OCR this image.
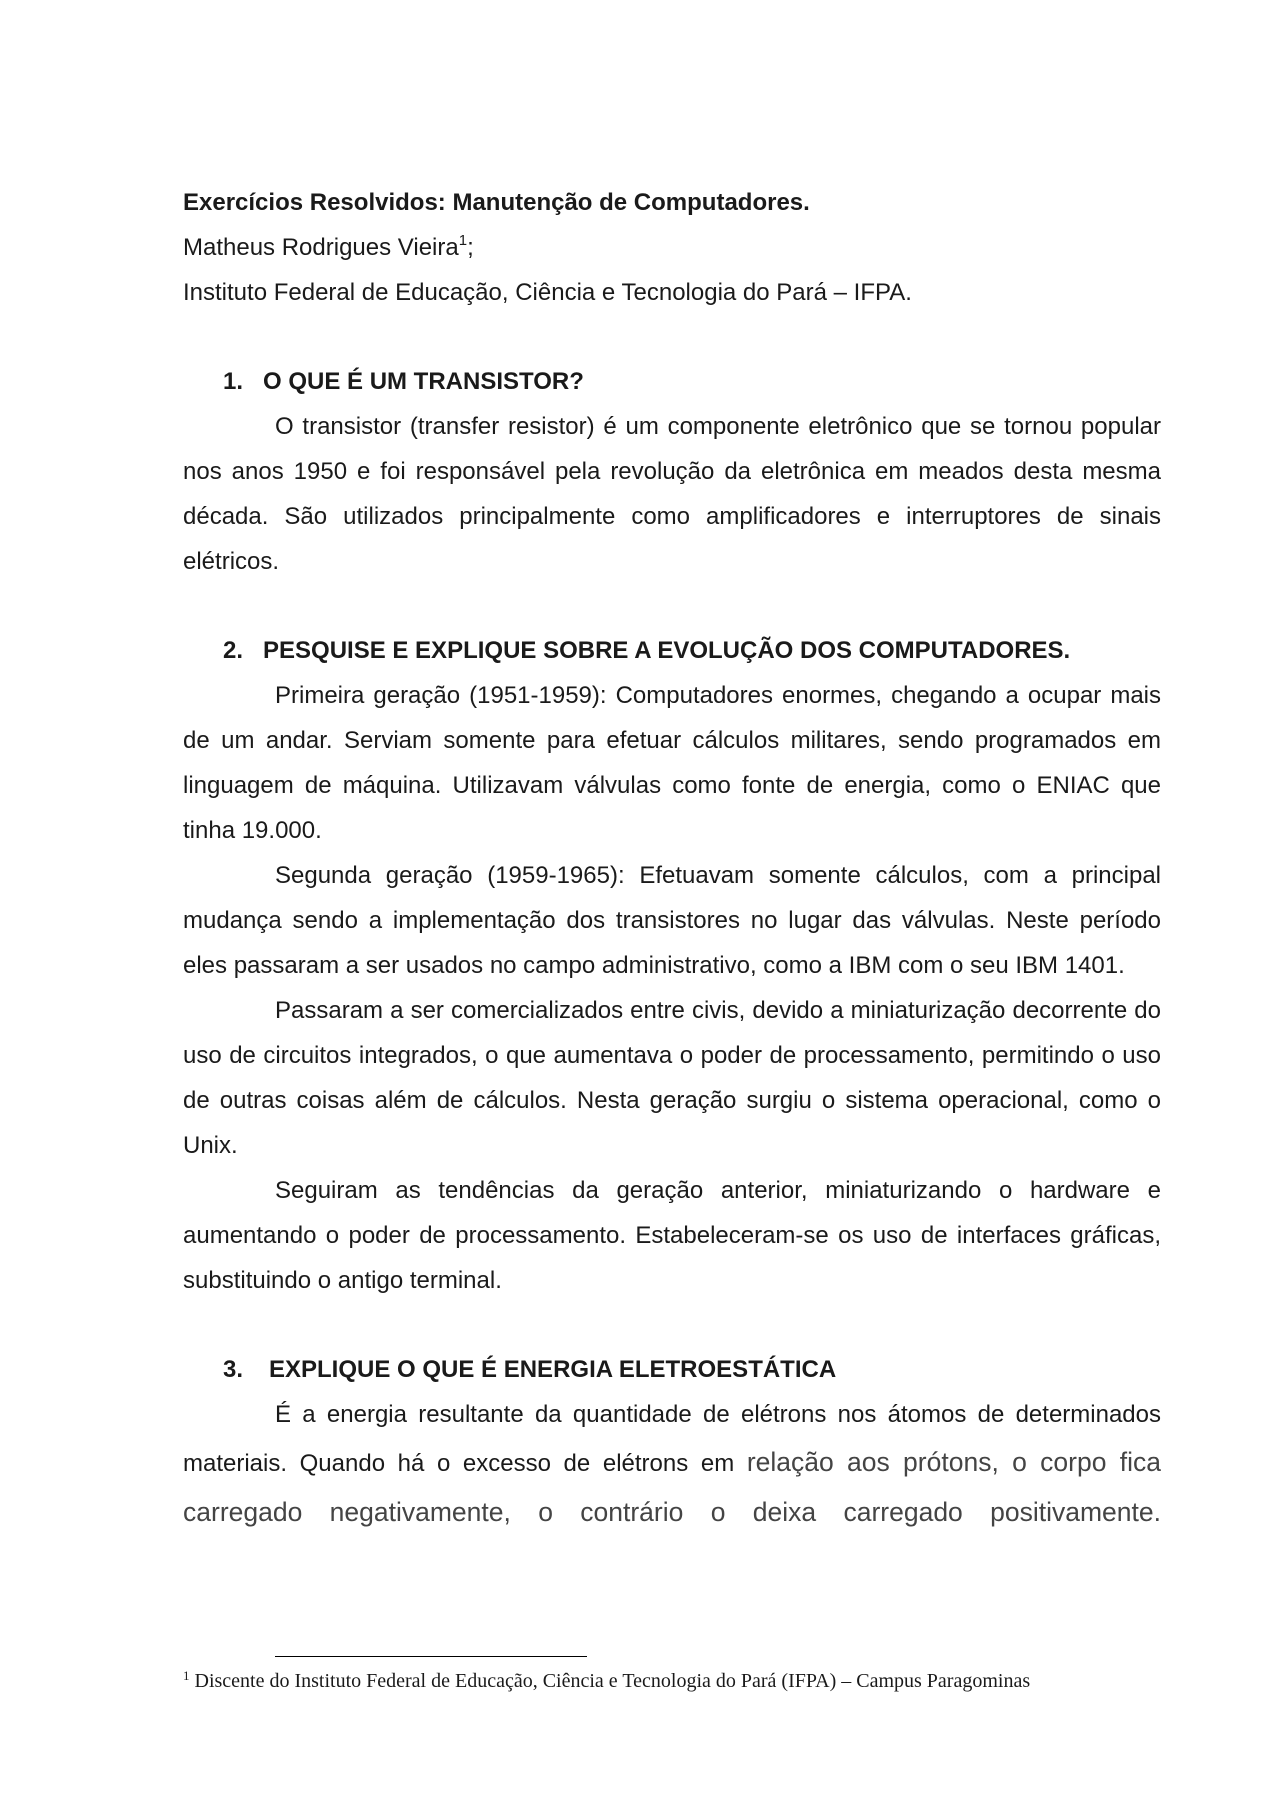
Exercícios Resolvidos: Manutenção de Computadores.

Matheus Rodrigues Vieira$^1$;

Instituto Federal de Educação, Ciência e Tecnologia do Pará – IFPA.

1. O QUE É UM TRANSISTOR?

O transistor (transfer resistor) é um componente eletrônico que se tornou popular nos anos 1950 e foi responsável pela revolução da eletrônica em meados desta mesma década. São utilizados principalmente como amplificadores e interruptores de sinais elétricos.

2. PESQUISE E EXPLIQUE SOBRE A EVOLUÇÃO DOS COMPUTADORES.

Primeira geração (1951-1959): Computadores enormes, chegando a ocupar mais de um andar. Serviam somente para efetuar cálculos militares, sendo programados em linguagem de máquina. Utilizavam válvulas como fonte de energia, como o ENIAC que tinha 19.000.

Segunda geração (1959-1965): Efetuavam somente cálculos, com a principal mudança sendo a implementação dos transistores no lugar das válvulas. Neste período eles passaram a ser usados no campo administrativo, como a IBM com o seu IBM 1401.

Passaram a ser comercializados entre civis, devido a miniaturização decorrente do uso de circuitos integrados, o que aumentava o poder de processamento, permitindo o uso de outras coisas além de cálculos. Nesta geração surgiu o sistema operacional, como o Unix.

Seguiram as tendências da geração anterior, miniaturizando o hardware e aumentando o poder de processamento. Estabeleceram-se os uso de interfaces gráficas, substituindo o antigo terminal.

3.	EXPLIQUE O QUE É ENERGIA ELETROESTÁTICA

É a energia resultante da quantidade de elétrons nos átomos de determinados materiais. Quando há o excesso de elétrons em relação aos prótons, o corpo fica carregado negativamente, o contrário o deixa carregado positivamente.

$^1$ Discente do Instituto Federal de Educação, Ciência e Tecnologia do Pará (IFPA) – Campus Paragominas
